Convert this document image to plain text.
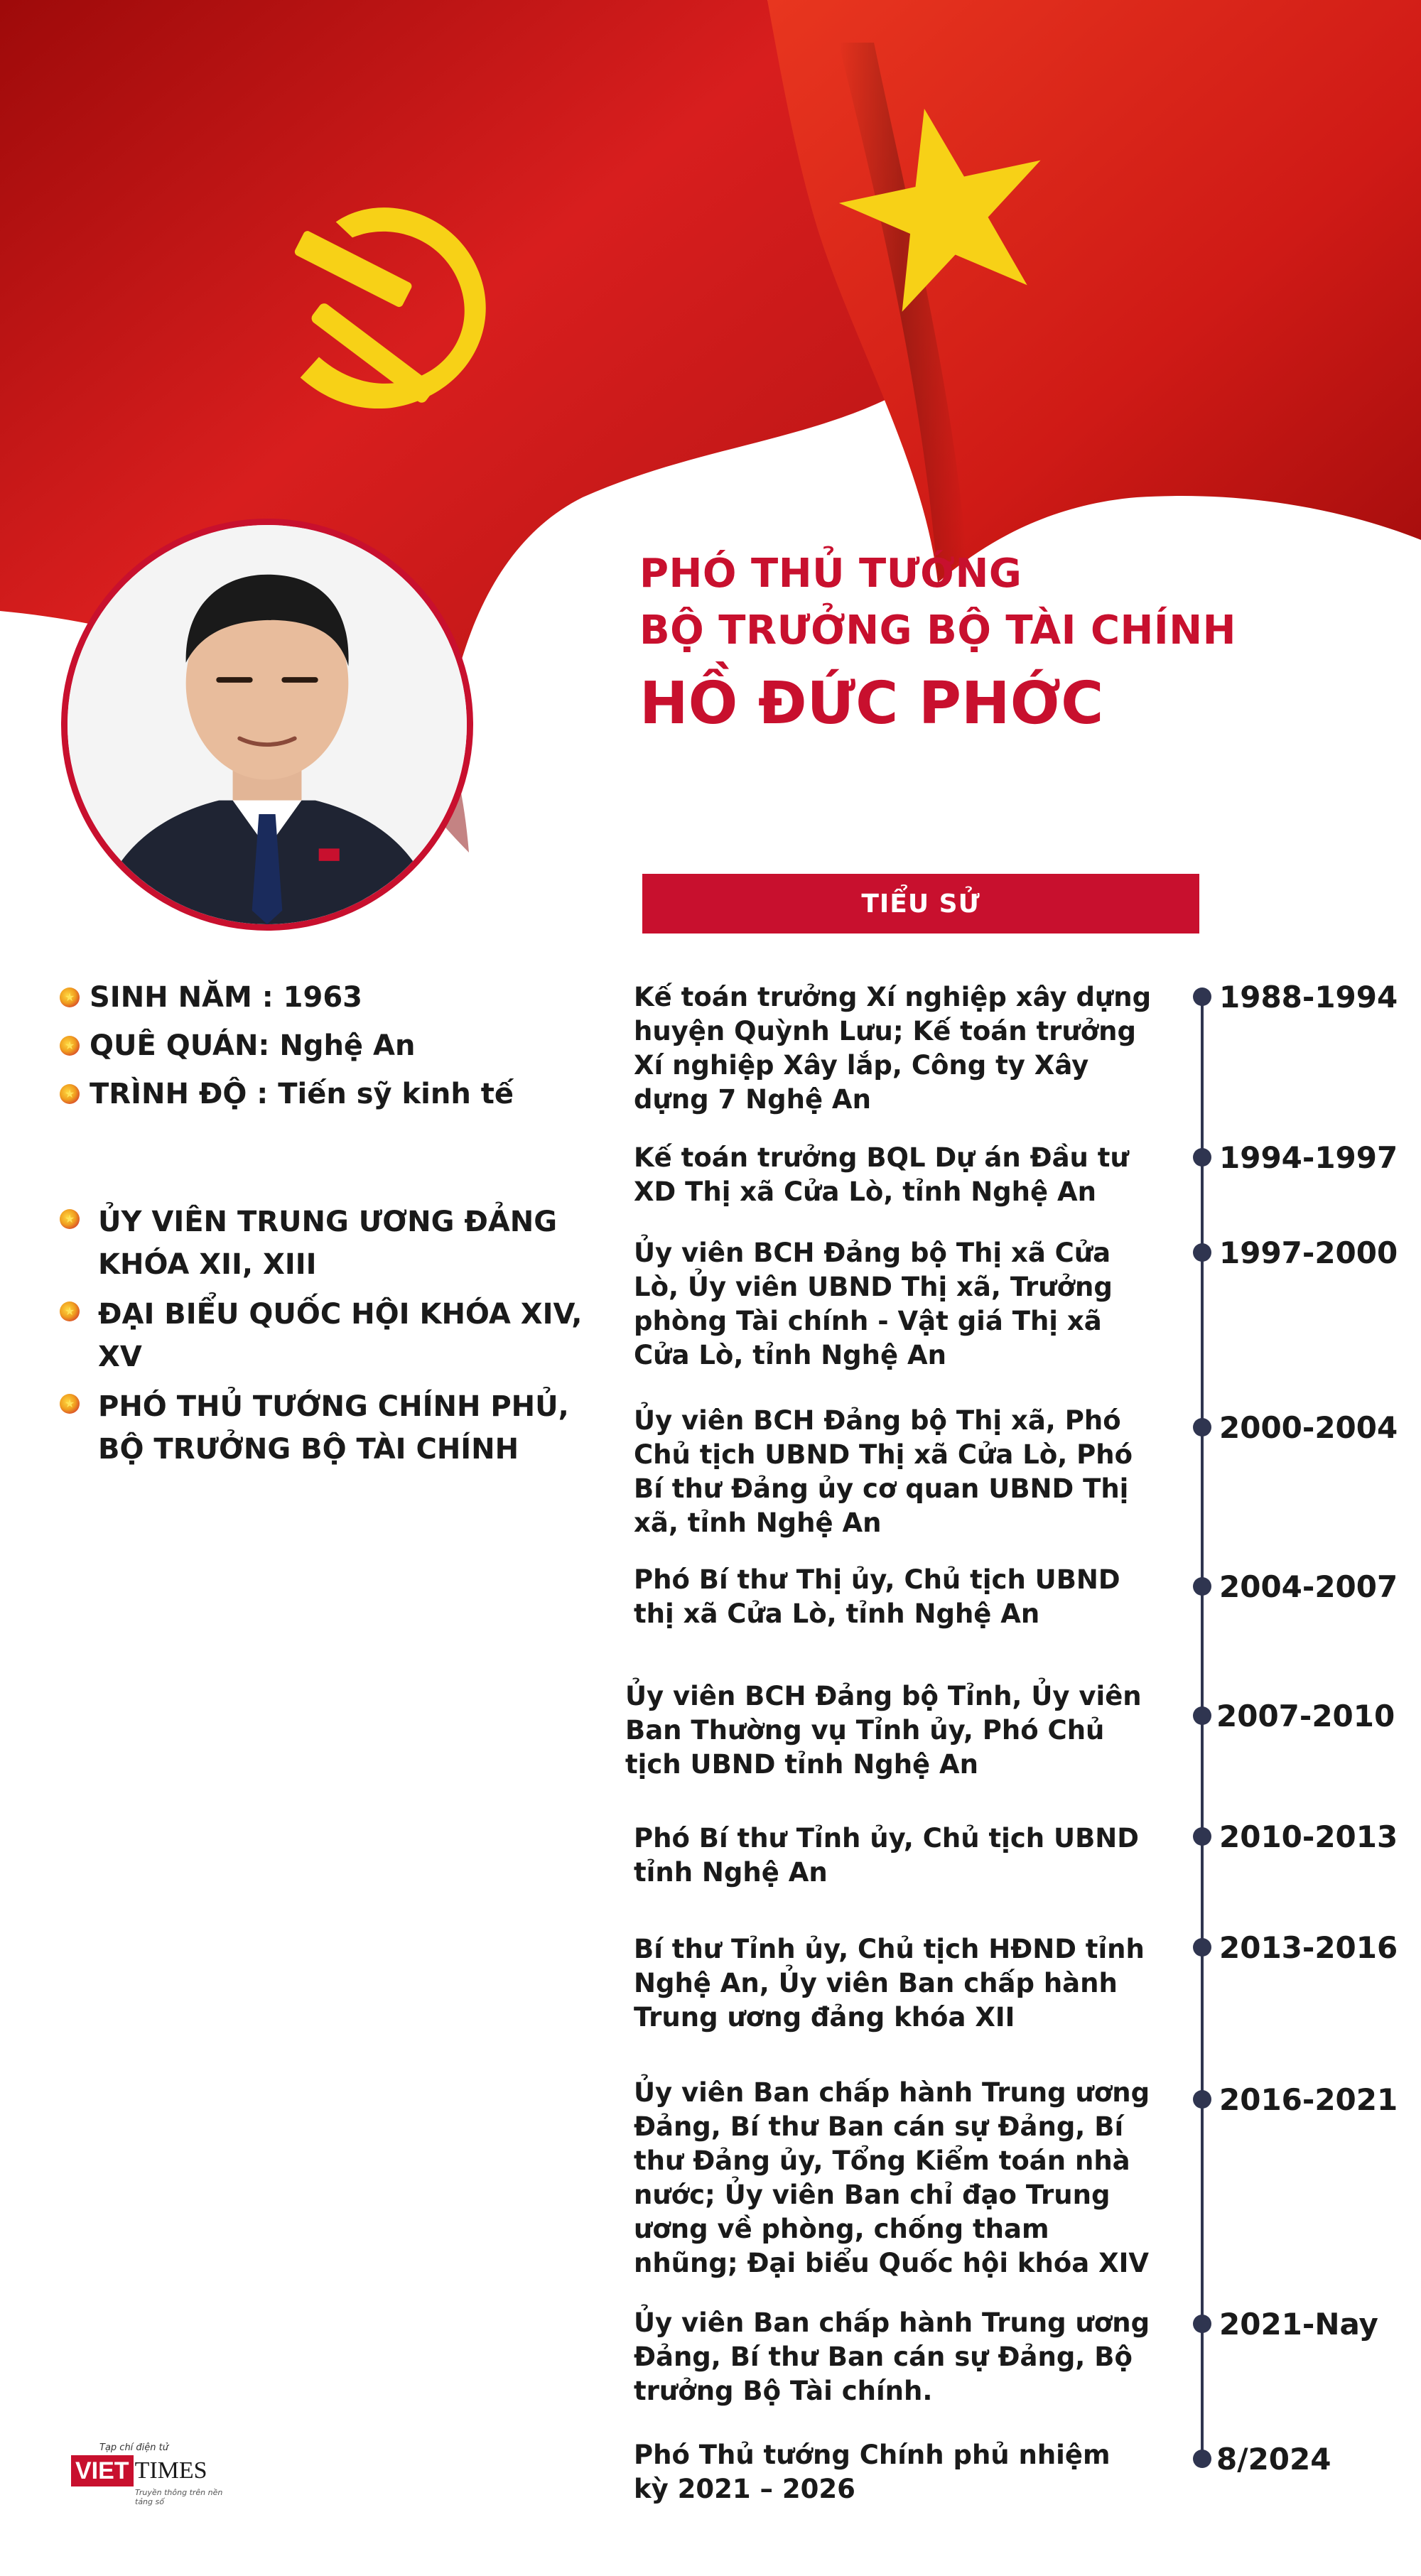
PHÓ THỦ TƯỚNG
BỘ TRƯỞNG BỘ TÀI CHÍNH
HỒ ĐỨC PHỚC
TIỂU SỬ
★
SINH NĂM : 1963
★
QUÊ QUÁN: Nghệ An
★
TRÌNH ĐỘ : Tiến sỹ kinh tế
★
ỦY VIÊN TRUNG ƯƠNG ĐẢNG KHÓA XII, XIII
★
ĐẠI BIỂU QUỐC HỘI KHÓA XIV, XV
★
PHÓ THỦ TƯỚNG CHÍNH PHỦ, BỘ TRƯỞNG BỘ TÀI CHÍNH
Kế toán trưởng Xí nghiệp xây dựng huyện Quỳnh Lưu; Kế toán trưởng Xí nghiệp Xây lắp, Công ty Xây dựng 7 Nghệ An
1988-1994
Kế toán trưởng BQL Dự án Đầu tư XD Thị xã Cửa Lò, tỉnh Nghệ An
1994-1997
Ủy viên BCH Đảng bộ Thị xã Cửa Lò, Ủy viên UBND Thị xã, Trưởng phòng Tài chính - Vật giá Thị xã Cửa Lò, tỉnh Nghệ An
1997-2000
Ủy viên BCH Đảng bộ Thị xã, Phó Chủ tịch UBND Thị xã Cửa Lò, Phó Bí thư Đảng ủy cơ quan UBND Thị xã, tỉnh Nghệ An
2000-2004
Phó Bí thư Thị ủy, Chủ tịch UBND thị xã Cửa Lò, tỉnh Nghệ An
2004-2007
Ủy viên BCH Đảng bộ Tỉnh, Ủy viên Ban Thường vụ Tỉnh ủy, Phó Chủ tịch UBND tỉnh Nghệ An
2007-2010
Phó Bí thư Tỉnh ủy, Chủ tịch UBND tỉnh Nghệ An
2010-2013
Bí thư Tỉnh ủy, Chủ tịch HĐND tỉnh Nghệ An, Ủy viên Ban chấp hành Trung ương đảng khóa XII
2013-2016
Ủy viên Ban chấp hành Trung ương Đảng, Bí thư Ban cán sự Đảng, Bí thư Đảng ủy, Tổng Kiểm toán nhà nước; Ủy viên Ban chỉ đạo Trung ương về phòng, chống tham nhũng; Đại biểu Quốc hội khóa XIV
2016-2021
Ủy viên Ban chấp hành Trung ương Đảng, Bí thư Ban cán sự Đảng, Bộ trưởng Bộ Tài chính.
2021-Nay
Phó Thủ tướng Chính phủ nhiệm kỳ 2021 – 2026
8/2024
Tạp chí điện tử
VIET TIMES
Truyền thông trên nền tảng số
